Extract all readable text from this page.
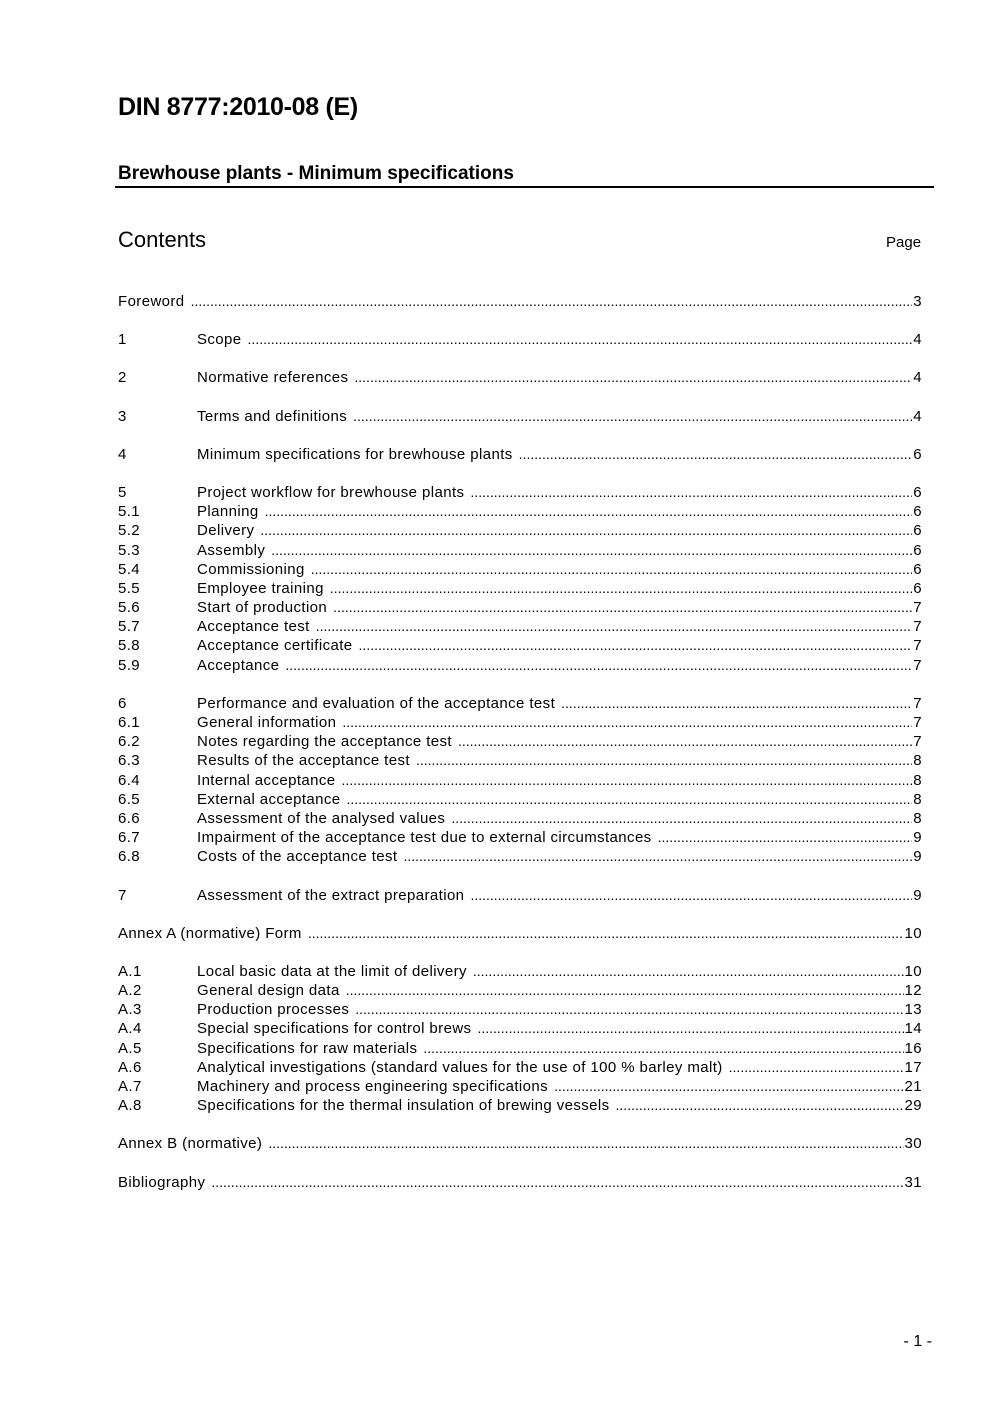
DIN 8777:2010-08 (E)
Brewhouse plants - Minimum specifications
Contents	Page
Foreword .....	3
1	Scope .....	4
2	Normative references .....	4
3	Terms and definitions .....	4
4	Minimum specifications for brewhouse plants .....	6
5	Project workflow for brewhouse plants .....	6
5.1	Planning .....	6
5.2	Delivery .....	6
5.3	Assembly .....	6
5.4	Commissioning .....	6
5.5	Employee training .....	6
5.6	Start of production .....	7
5.7	Acceptance test .....	7
5.8	Acceptance certificate .....	7
5.9	Acceptance .....	7
6	Performance and evaluation of the acceptance test .....	7
6.1	General information .....	7
6.2	Notes regarding the acceptance test .....	7
6.3	Results of the acceptance test .....	8
6.4	Internal acceptance .....	8
6.5	External acceptance .....	8
6.6	Assessment of the analysed values .....	8
6.7	Impairment of the acceptance test due to external circumstances .....	9
6.8	Costs of the acceptance test .....	9
7	Assessment of the extract preparation .....	9
Annex A (normative) Form .....	10
A.1	Local basic data at the limit of delivery .....	10
A.2	General design data .....	12
A.3	Production processes .....	13
A.4	Special specifications for control brews .....	14
A.5	Specifications for raw materials .....	16
A.6	Analytical investigations (standard values for the use of 100 % barley malt) .....	17
A.7	Machinery and process engineering specifications .....	21
A.8	Specifications for the thermal insulation of brewing vessels .....	29
Annex B (normative) .....	30
Bibliography .....	31
- 1 -
